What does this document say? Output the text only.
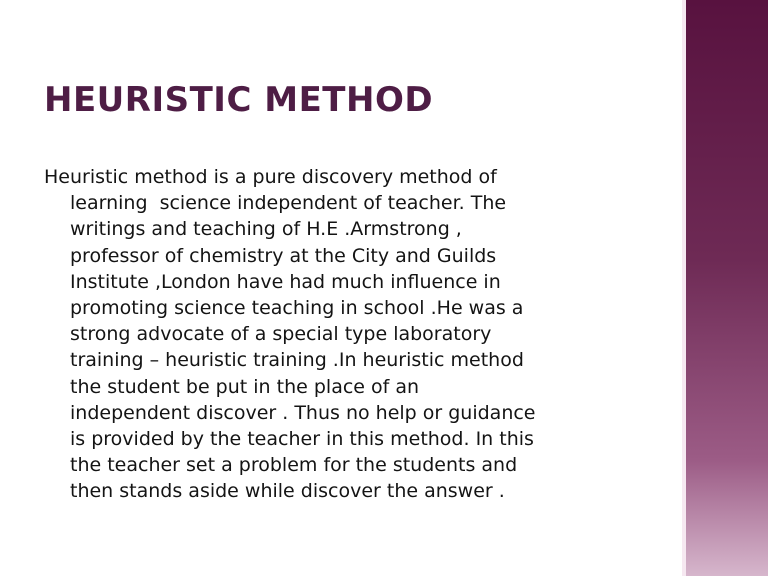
HEURISTIC METHOD
Heuristic method is a pure discovery method of
learning  science independent of teacher. The
writings and teaching of H.E .Armstrong ,
professor of chemistry at the City and Guilds
Institute ,London have had much influence in
promoting science teaching in school .He was a
strong advocate of a special type laboratory
training – heuristic training .In heuristic method
the student be put in the place of an
independent discover . Thus no help or guidance
is provided by the teacher in this method. In this
the teacher set a problem for the students and
then stands aside while discover the answer .
